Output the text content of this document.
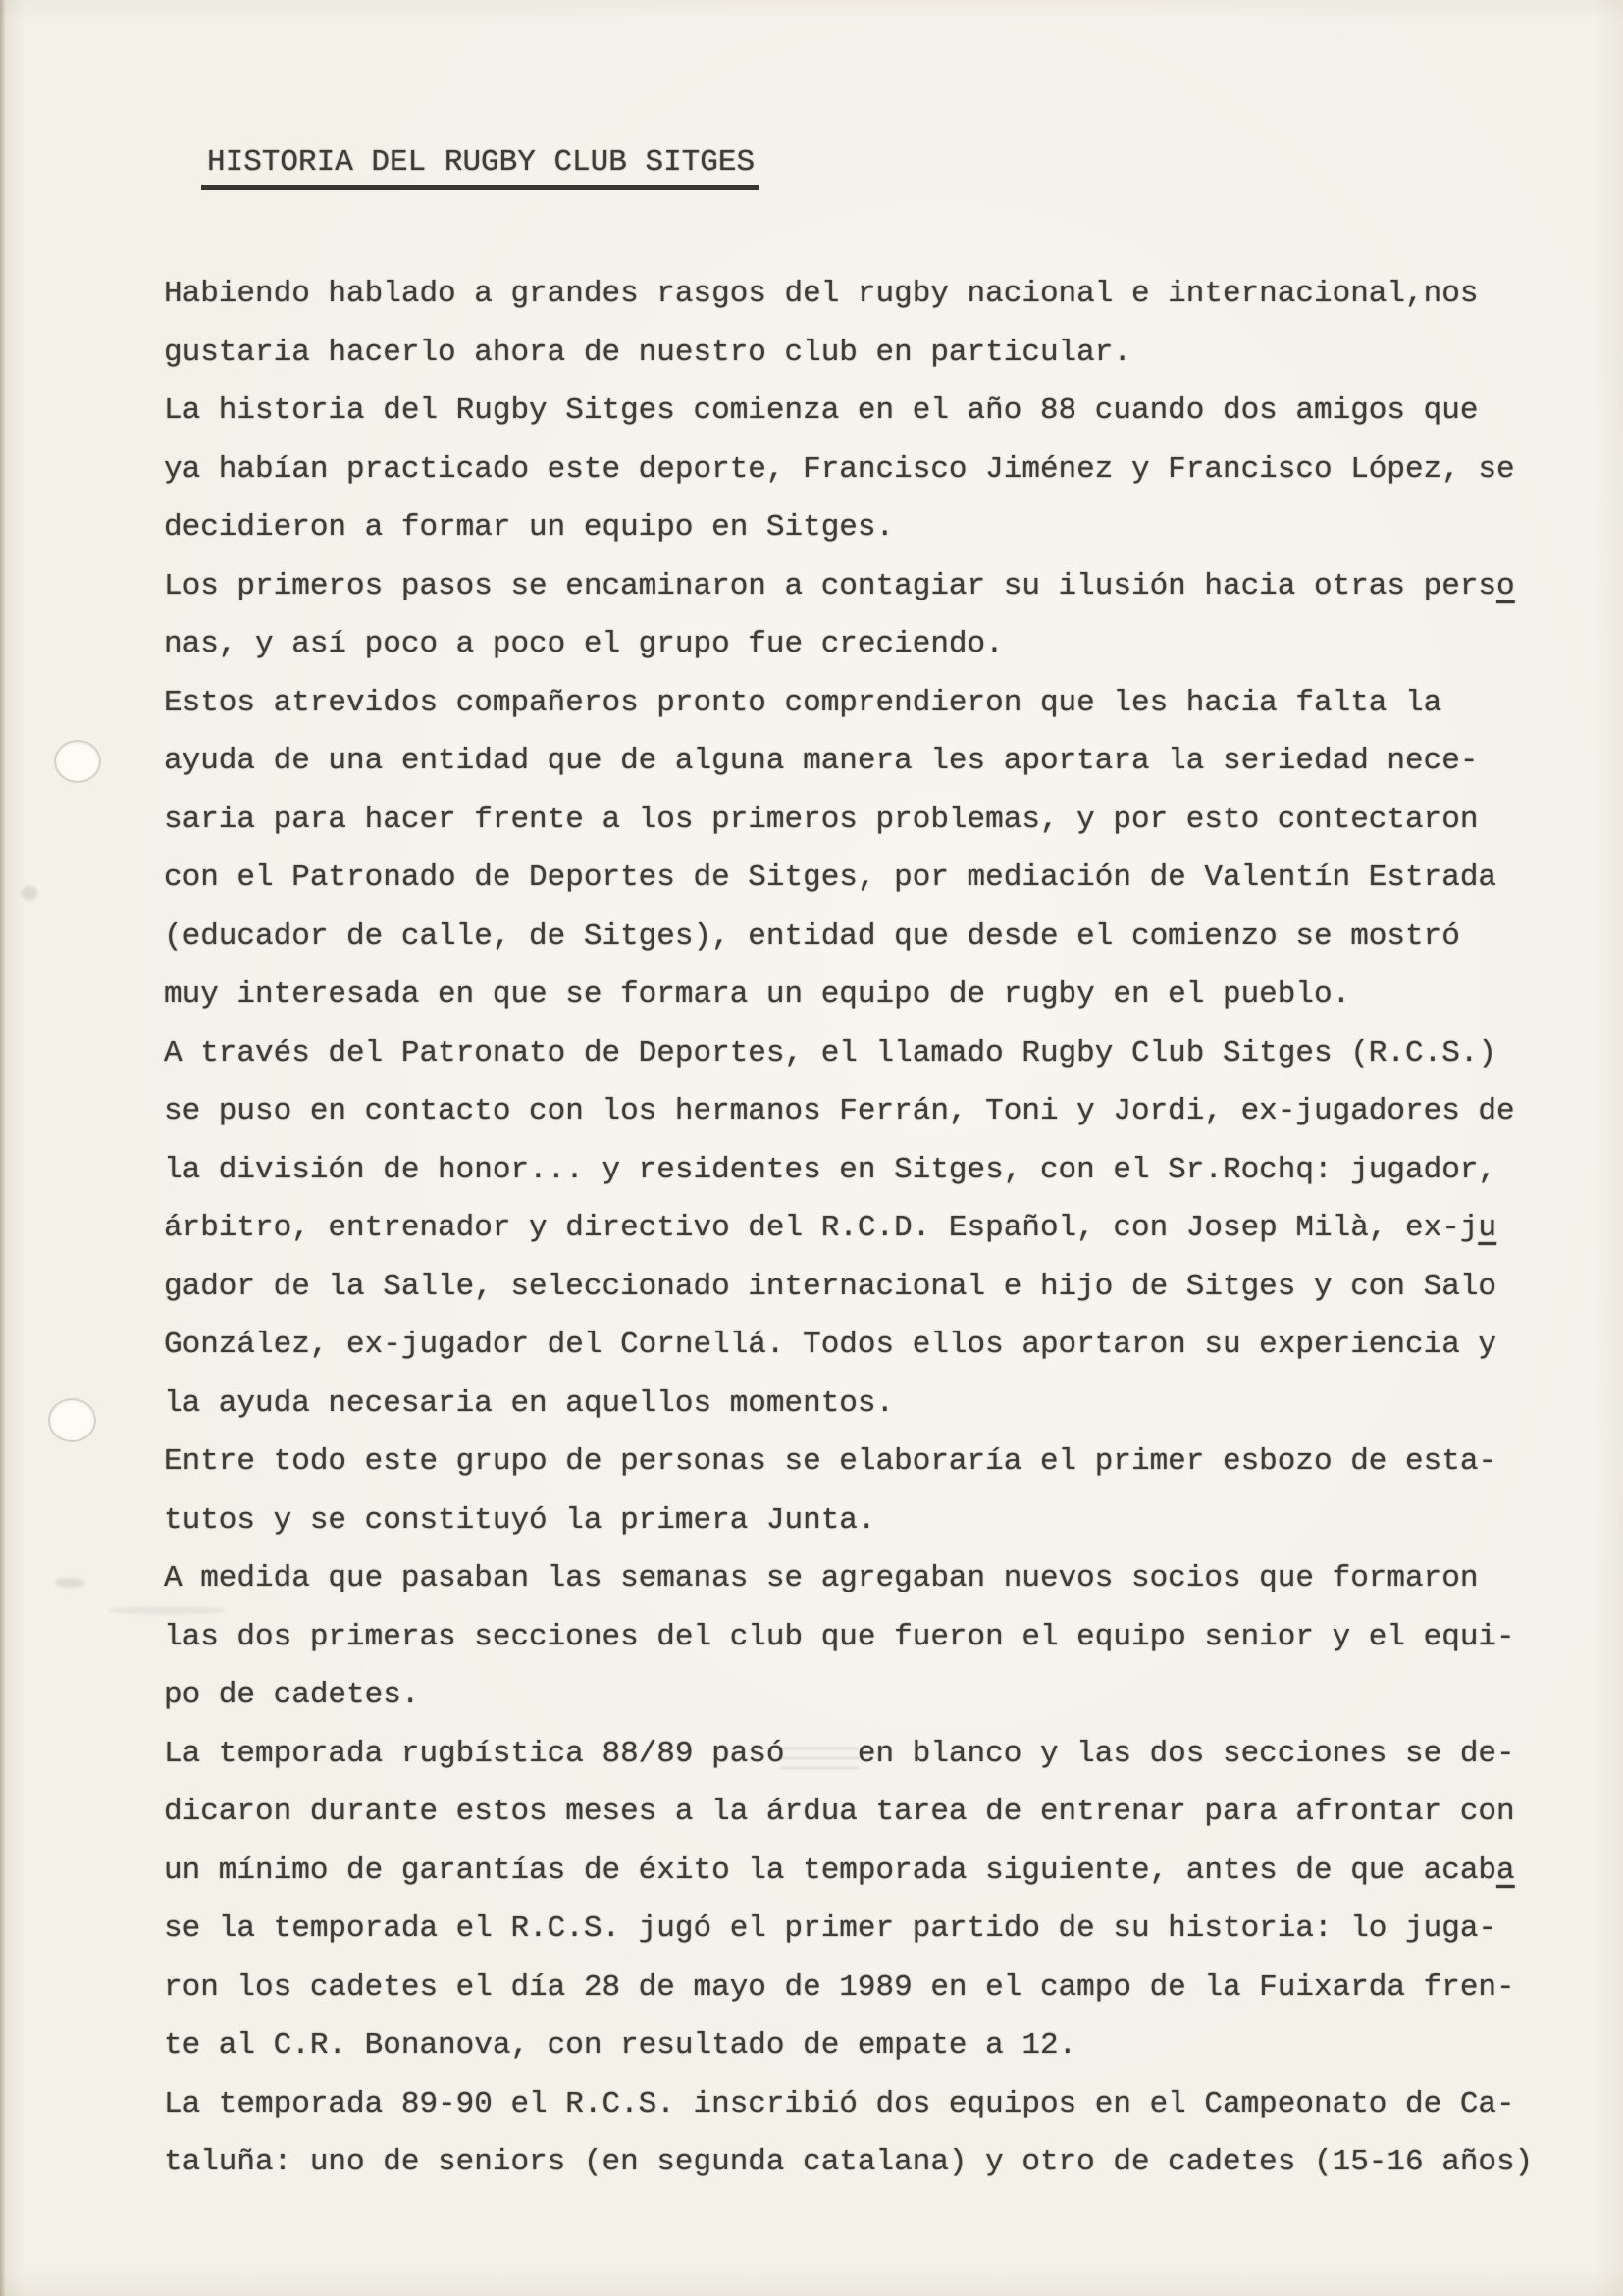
HISTORIA DEL RUGBY CLUB SITGES
Habiendo hablado a grandes rasgos del rugby nacional e internacional,nos
gustaria hacerlo ahora de nuestro club en particular.
La historia del Rugby Sitges comienza en el año 88 cuando dos amigos que
ya habían practicado este deporte, Francisco Jiménez y Francisco López, se
decidieron a formar un equipo en Sitges.
Los primeros pasos se encaminaron a contagiar su ilusión hacia otras perso
nas, y así poco a poco el grupo fue creciendo.
Estos atrevidos compañeros pronto comprendieron que les hacia falta la
ayuda de una entidad que de alguna manera les aportara la seriedad nece-
saria para hacer frente a los primeros problemas, y por esto contectaron
con el Patronado de Deportes de Sitges, por mediación de Valentín Estrada
(educador de calle, de Sitges), entidad que desde el comienzo se mostró
muy interesada en que se formara un equipo de rugby en el pueblo.
A través del Patronato de Deportes, el llamado Rugby Club Sitges (R.C.S.)
se puso en contacto con los hermanos Ferrán, Toni y Jordi, ex-jugadores de
la división de honor... y residentes en Sitges, con el Sr.Rochq: jugador,
árbitro, entrenador y directivo del R.C.D. Español, con Josep Milà, ex-ju
gador de la Salle, seleccionado internacional e hijo de Sitges y con Salo
González, ex-jugador del Cornellá. Todos ellos aportaron su experiencia y
la ayuda necesaria en aquellos momentos.
Entre todo este grupo de personas se elaboraría el primer esbozo de esta-
tutos y se constituyó la primera Junta.
A medida que pasaban las semanas se agregaban nuevos socios que formaron
las dos primeras secciones del club que fueron el equipo senior y el equi-
po de cadetes.
La temporada rugbística 88/89 pasó    en blanco y las dos secciones se de-
dicaron durante estos meses a la árdua tarea de entrenar para afrontar con
un mínimo de garantías de éxito la temporada siguiente, antes de que acaba
se la temporada el R.C.S. jugó el primer partido de su historia: lo juga-
ron los cadetes el día 28 de mayo de 1989 en el campo de la Fuixarda fren-
te al C.R. Bonanova, con resultado de empate a 12.
La temporada 89-90 el R.C.S. inscribió dos equipos en el Campeonato de Ca-
taluña: uno de seniors (en segunda catalana) y otro de cadetes (15-16 años)
